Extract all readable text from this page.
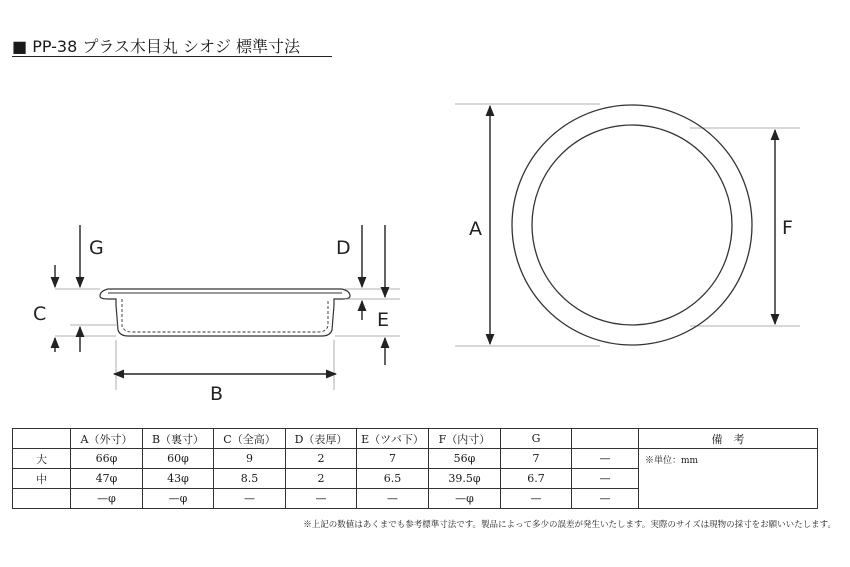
■ PP-38 プラス木目丸 シオジ 標準寸法
G
C
D
E
B
A	F
	A（外寸）	B（裏寸）	C（全高）	D（表厚）	E（ツバ下）	F（内寸）	G		備　考
大	66φ	60φ	9	2	7	56φ	7	—	※単位：mm
中	47φ	43φ	8.5	2	6.5	39.5φ	6.7	—	
	—φ	—φ	—	—	—	—φ	—	—	
※上記の数値はあくまでも参考標準寸法です。製品によって多少の誤差が発生いたします。実際のサイズは現物の採寸をお願いいたします。
